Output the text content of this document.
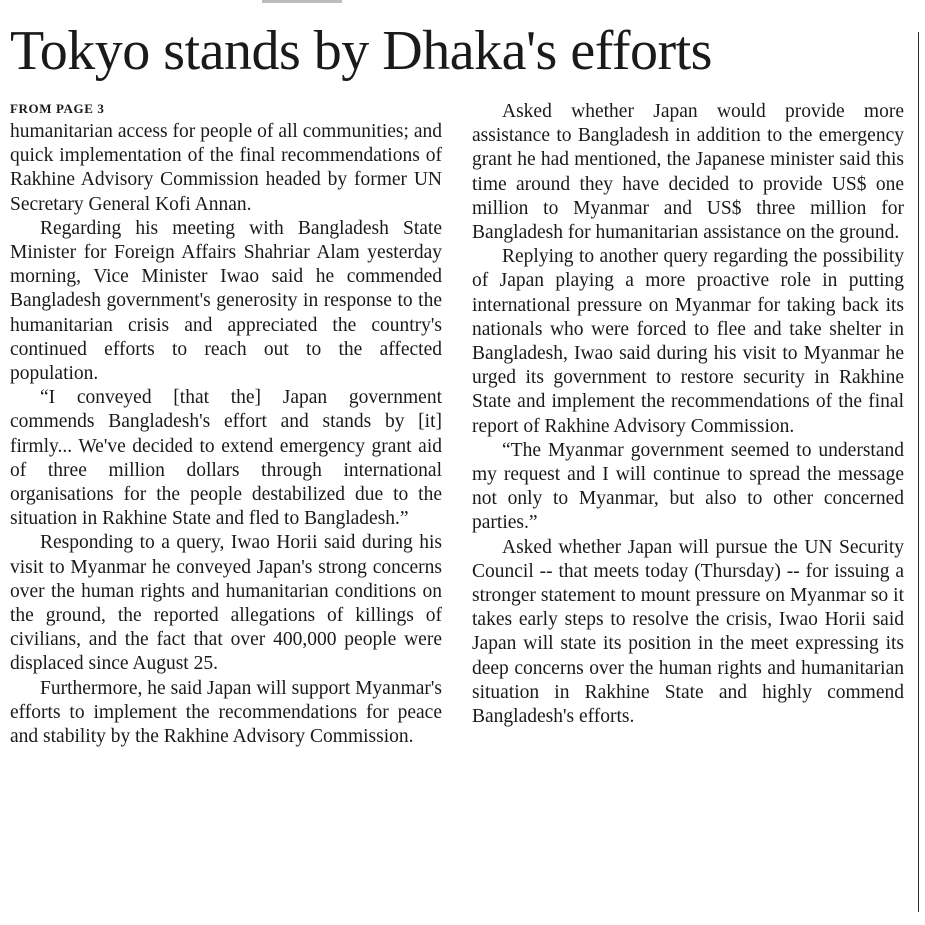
Tokyo stands by Dhaka's efforts
FROM PAGE 3

humanitarian access for people of all communities; and quick implementation of the final recommendations of Rakhine Advisory Commission headed by former UN Secretary General Kofi Annan.

Regarding his meeting with Bangladesh State Minister for Foreign Affairs Shahriar Alam yesterday morning, Vice Minister Iwao said he commended Bangladesh government's generosity in response to the humanitarian crisis and appreciated the country's continued efforts to reach out to the affected population.

“I conveyed [that the] Japan government commends Bangladesh's effort and stands by [it] firmly... We've decided to extend emergency grant aid of three million dollars through international organisations for the people destabilized due to the situation in Rakhine State and fled to Bangladesh.”

Responding to a query, Iwao Horii said during his visit to Myanmar he conveyed Japan's strong concerns over the human rights and humanitarian conditions on the ground, the reported allegations of killings of civilians, and the fact that over 400,000 people were displaced since August 25.

Furthermore, he said Japan will support Myanmar's efforts to implement the recommendations for peace and stability by the Rakhine Advisory Commission.

Asked whether Japan would provide more assistance to Bangladesh in addition to the emergency grant he had mentioned, the Japanese minister said this time around they have decided to provide US$ one million to Myanmar and US$ three million for Bangladesh for humanitarian assistance on the ground.

Replying to another query regarding the possibility of Japan playing a more proactive role in putting international pressure on Myanmar for taking back its nationals who were forced to flee and take shelter in Bangladesh, Iwao said during his visit to Myanmar he urged its government to restore security in Rakhine State and implement the recommendations of the final report of Rakhine Advisory Commission.

“The Myanmar government seemed to understand my request and I will continue to spread the message not only to Myanmar, but also to other concerned parties.”

Asked whether Japan will pursue the UN Security Council -- that meets today (Thursday) -- for issuing a stronger statement to mount pressure on Myanmar so it takes early steps to resolve the crisis, Iwao Horii said Japan will state its position in the meet expressing its deep concerns over the human rights and humanitarian situation in Rakhine State and highly commend Bangladesh's efforts.
